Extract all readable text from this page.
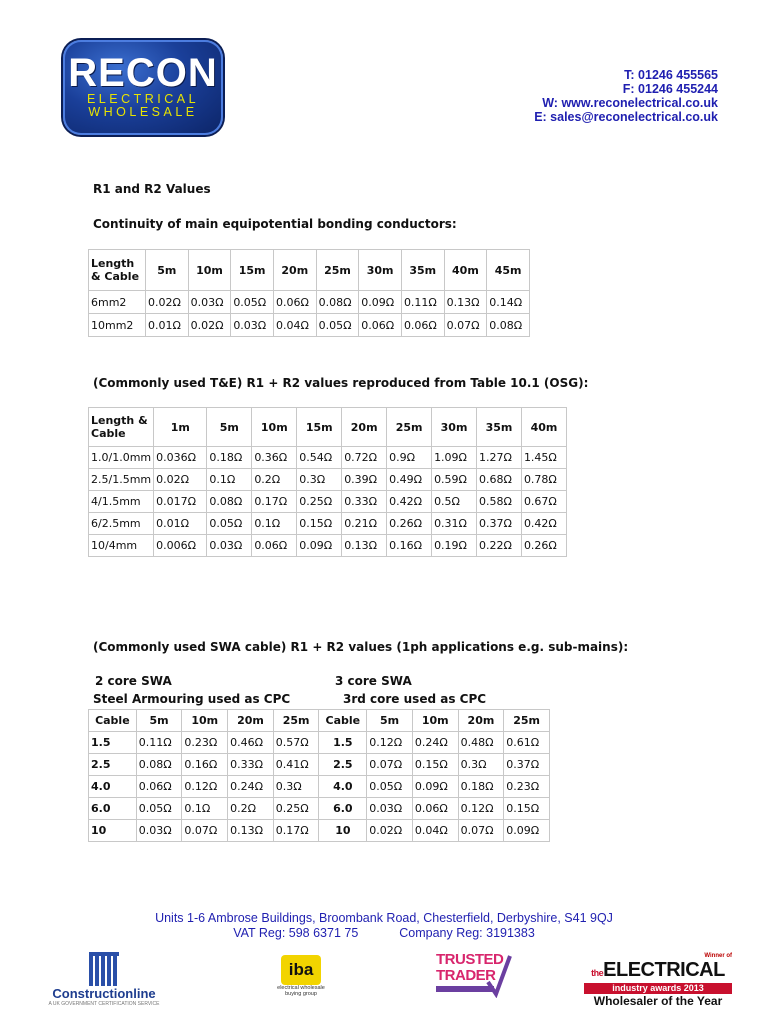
RECON
ELECTRICAL
WHOLESALE
T: 01246 455565
F: 01246 455244
W: www.reconelectrical.co.uk
E: sales@reconelectrical.co.uk
R1 and R2 Values
Continuity of main equipotential bonding conductors:
Length & Cable	5m	10m	15m	20m	25m	30m	35m	40m	45m
6mm2	0.02Ω	0.03Ω	0.05Ω	0.06Ω	0.08Ω	0.09Ω	0.11Ω	0.13Ω	0.14Ω
10mm2	0.01Ω	0.02Ω	0.03Ω	0.04Ω	0.05Ω	0.06Ω	0.06Ω	0.07Ω	0.08Ω
(Commonly used T&E) R1 + R2 values reproduced from Table 10.1 (OSG):
Length & Cable	1m	5m	10m	15m	20m	25m	30m	35m	40m
1.0/1.0mm	0.036Ω	0.18Ω	0.36Ω	0.54Ω	0.72Ω	0.9Ω	1.09Ω	1.27Ω	1.45Ω
2.5/1.5mm	0.02Ω	0.1Ω	0.2Ω	0.3Ω	0.39Ω	0.49Ω	0.59Ω	0.68Ω	0.78Ω
4/1.5mm	0.017Ω	0.08Ω	0.17Ω	0.25Ω	0.33Ω	0.42Ω	0.5Ω	0.58Ω	0.67Ω
6/2.5mm	0.01Ω	0.05Ω	0.1Ω	0.15Ω	0.21Ω	0.26Ω	0.31Ω	0.37Ω	0.42Ω
10/4mm	0.006Ω	0.03Ω	0.06Ω	0.09Ω	0.13Ω	0.16Ω	0.19Ω	0.22Ω	0.26Ω
(Commonly used SWA cable) R1 + R2 values (1ph applications e.g. sub-mains):
2 core SWA
Steel Armouring used as CPC
3 core SWA
3rd core used as CPC
Cable	5m	10m	20m	25m	Cable	5m	10m	20m	25m
1.5	0.11Ω	0.23Ω	0.46Ω	0.57Ω	1.5	0.12Ω	0.24Ω	0.48Ω	0.61Ω
2.5	0.08Ω	0.16Ω	0.33Ω	0.41Ω	2.5	0.07Ω	0.15Ω	0.3Ω	0.37Ω
4.0	0.06Ω	0.12Ω	0.24Ω	0.3Ω	4.0	0.05Ω	0.09Ω	0.18Ω	0.23Ω
6.0	0.05Ω	0.1Ω	0.2Ω	0.25Ω	6.0	0.03Ω	0.06Ω	0.12Ω	0.15Ω
10	0.03Ω	0.07Ω	0.13Ω	0.17Ω	10	0.02Ω	0.04Ω	0.07Ω	0.09Ω
Units 1-6 Ambrose Buildings, Broombank Road, Chesterfield, Derbyshire, S41 9QJ
VAT Reg: 598 6371 75	Company Reg: 3191383
Constructionline
A UK GOVERNMENT CERTIFICATION SERVICE
iba
electrical wholesale buying group
TRUSTED TRADER
Winner of
theELECTRICAL
industry awards 2013
Wholesaler of the Year
